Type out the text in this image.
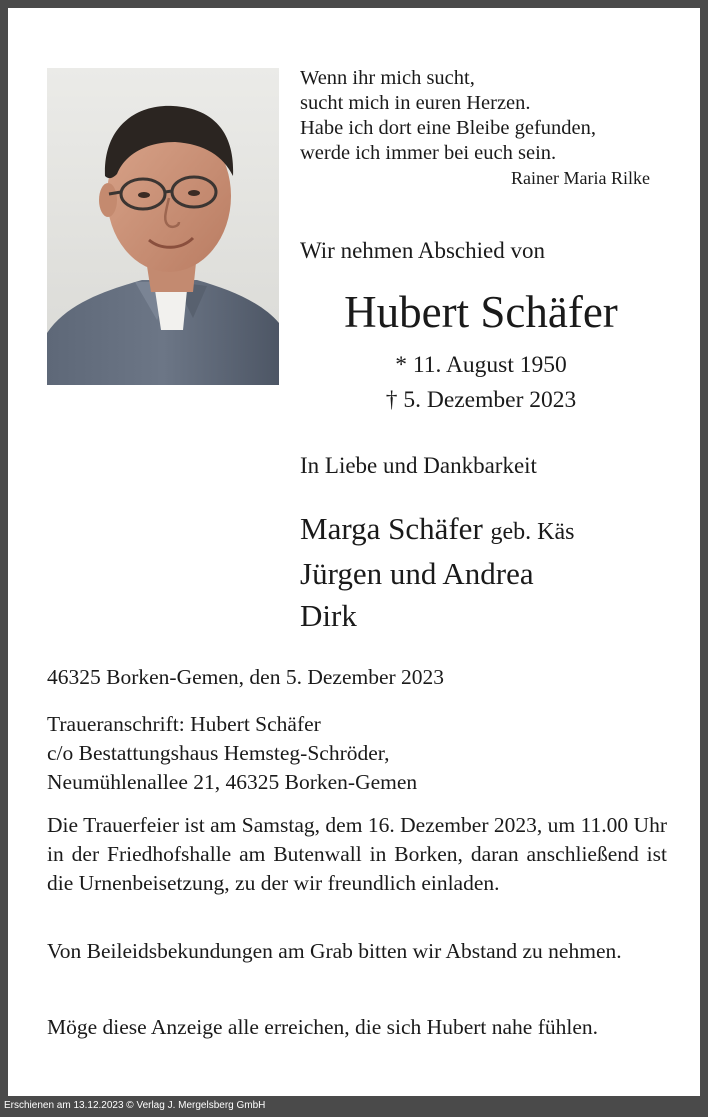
Wenn ihr mich sucht,
sucht mich in euren Herzen.
Habe ich dort eine Bleibe gefunden,
werde ich immer bei euch sein.
Rainer Maria Rilke
Wir nehmen Abschied von
Hubert Schäfer
* 11. August 1950
† 5. Dezember 2023
In Liebe und Dankbarkeit
Marga Schäfer geb. Käs
Jürgen und Andrea
Dirk
46325 Borken-Gemen, den 5. Dezember 2023
Traueranschrift: Hubert Schäfer
c/o Bestattungshaus Hemsteg-Schröder,
Neumühlenallee 21, 46325 Borken-Gemen
Die Trauerfeier ist am Samstag, dem 16. Dezember 2023, um 11.00 Uhr in der Friedhofshalle am Butenwall in Borken, daran anschließend ist die Urnenbeisetzung, zu der wir freundlich einladen.
Von Beileidsbekundungen am Grab bitten wir Abstand zu nehmen.
Möge diese Anzeige alle erreichen, die sich Hubert nahe fühlen.
Erschienen am 13.12.2023 © Verlag J. Mergelsberg GmbH
